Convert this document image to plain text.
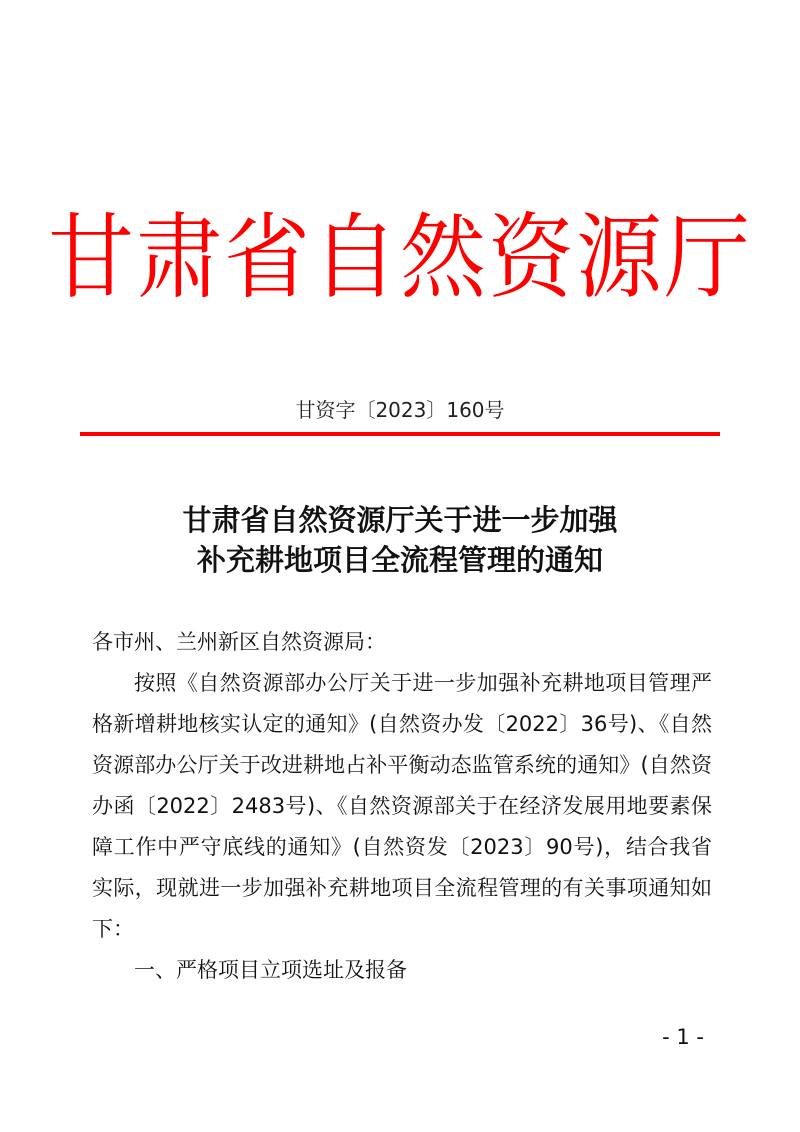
甘肃省自然资源厅
甘资字〔2023〕160号
甘肃省自然资源厅关于进一步加强
补充耕地项目全流程管理的通知

各市州、兰州新区自然资源局：

按照《自然资源部办公厅关于进一步加强补充耕地项目管理严格新增耕地核实认定的通知》(自然资办发〔2022〕36号)、《自然资源部办公厅关于改进耕地占补平衡动态监管系统的通知》(自然资办函〔2022〕2483号)、《自然资源部关于在经济发展用地要素保障工作中严守底线的通知》(自然资发〔2023〕90号)，结合我省实际，现就进一步加强补充耕地项目全流程管理的有关事项通知如下：

一、严格项目立项选址及报备

- 1 -
